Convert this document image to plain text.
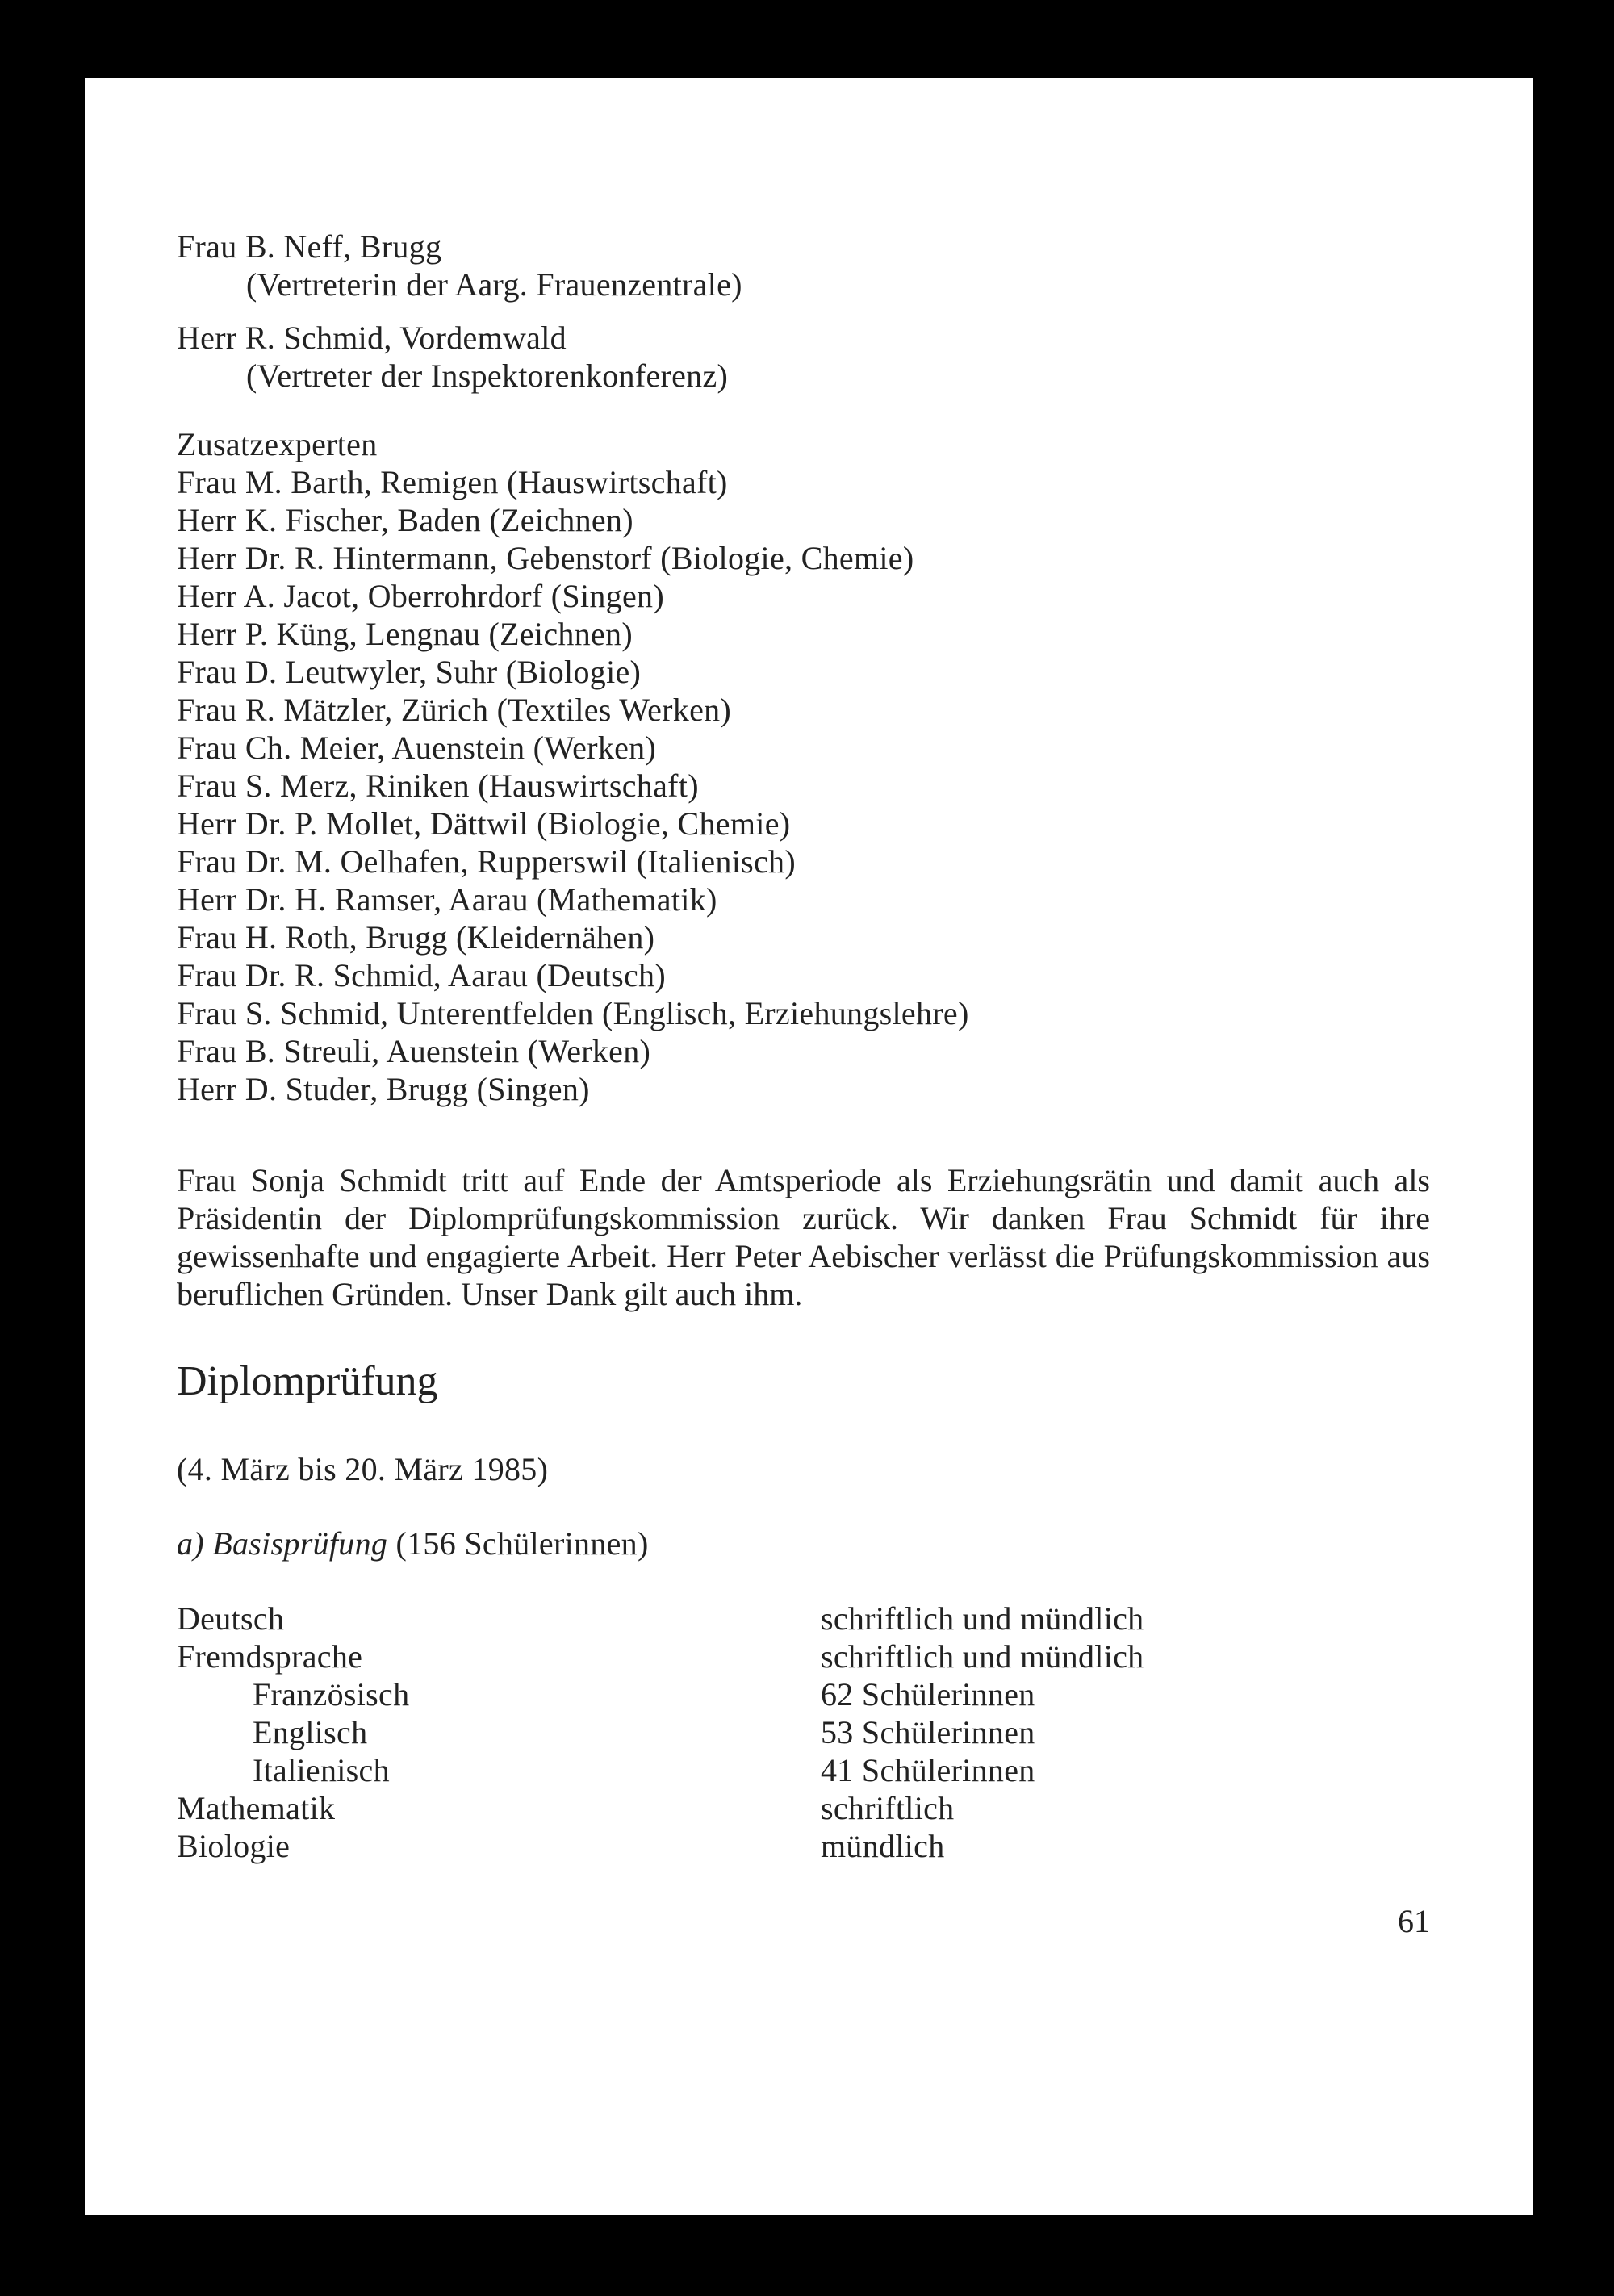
Frau B. Neff, Brugg
(Vertreterin der Aarg. Frauenzentrale)
Herr R. Schmid, Vordemwald
(Vertreter der Inspektorenkonferenz)
Zusatzexperten
Frau M. Barth, Remigen (Hauswirtschaft)
Herr K. Fischer, Baden (Zeichnen)
Herr Dr. R. Hintermann, Gebenstorf (Biologie, Chemie)
Herr A. Jacot, Oberrohrdorf (Singen)
Herr P. Küng, Lengnau (Zeichnen)
Frau D. Leutwyler, Suhr (Biologie)
Frau R. Mätzler, Zürich (Textiles Werken)
Frau Ch. Meier, Auenstein (Werken)
Frau S. Merz, Riniken (Hauswirtschaft)
Herr Dr. P. Mollet, Dättwil (Biologie, Chemie)
Frau Dr. M. Oelhafen, Rupperswil (Italienisch)
Herr Dr. H. Ramser, Aarau (Mathematik)
Frau H. Roth, Brugg (Kleidernähen)
Frau Dr. R. Schmid, Aarau (Deutsch)
Frau S. Schmid, Unterentfelden (Englisch, Erziehungslehre)
Frau B. Streuli, Auenstein (Werken)
Herr D. Studer, Brugg (Singen)
Frau Sonja Schmidt tritt auf Ende der Amtsperiode als Erziehungsrätin und damit auch als Präsidentin der Diplomprüfungskommission zurück. Wir danken Frau Schmidt für ihre gewissenhafte und engagierte Arbeit. Herr Peter Aebischer verlässt die Prüfungskommission aus beruflichen Gründen. Unser Dank gilt auch ihm.
Diplomprüfung
(4. März bis 20. März 1985)
a) Basisprüfung (156 Schülerinnen)
Deutsch	schriftlich und mündlich
Fremdsprache	schriftlich und mündlich
Französisch	62 Schülerinnen
Englisch	53 Schülerinnen
Italienisch	41 Schülerinnen
Mathematik	schriftlich
Biologie	mündlich
61
